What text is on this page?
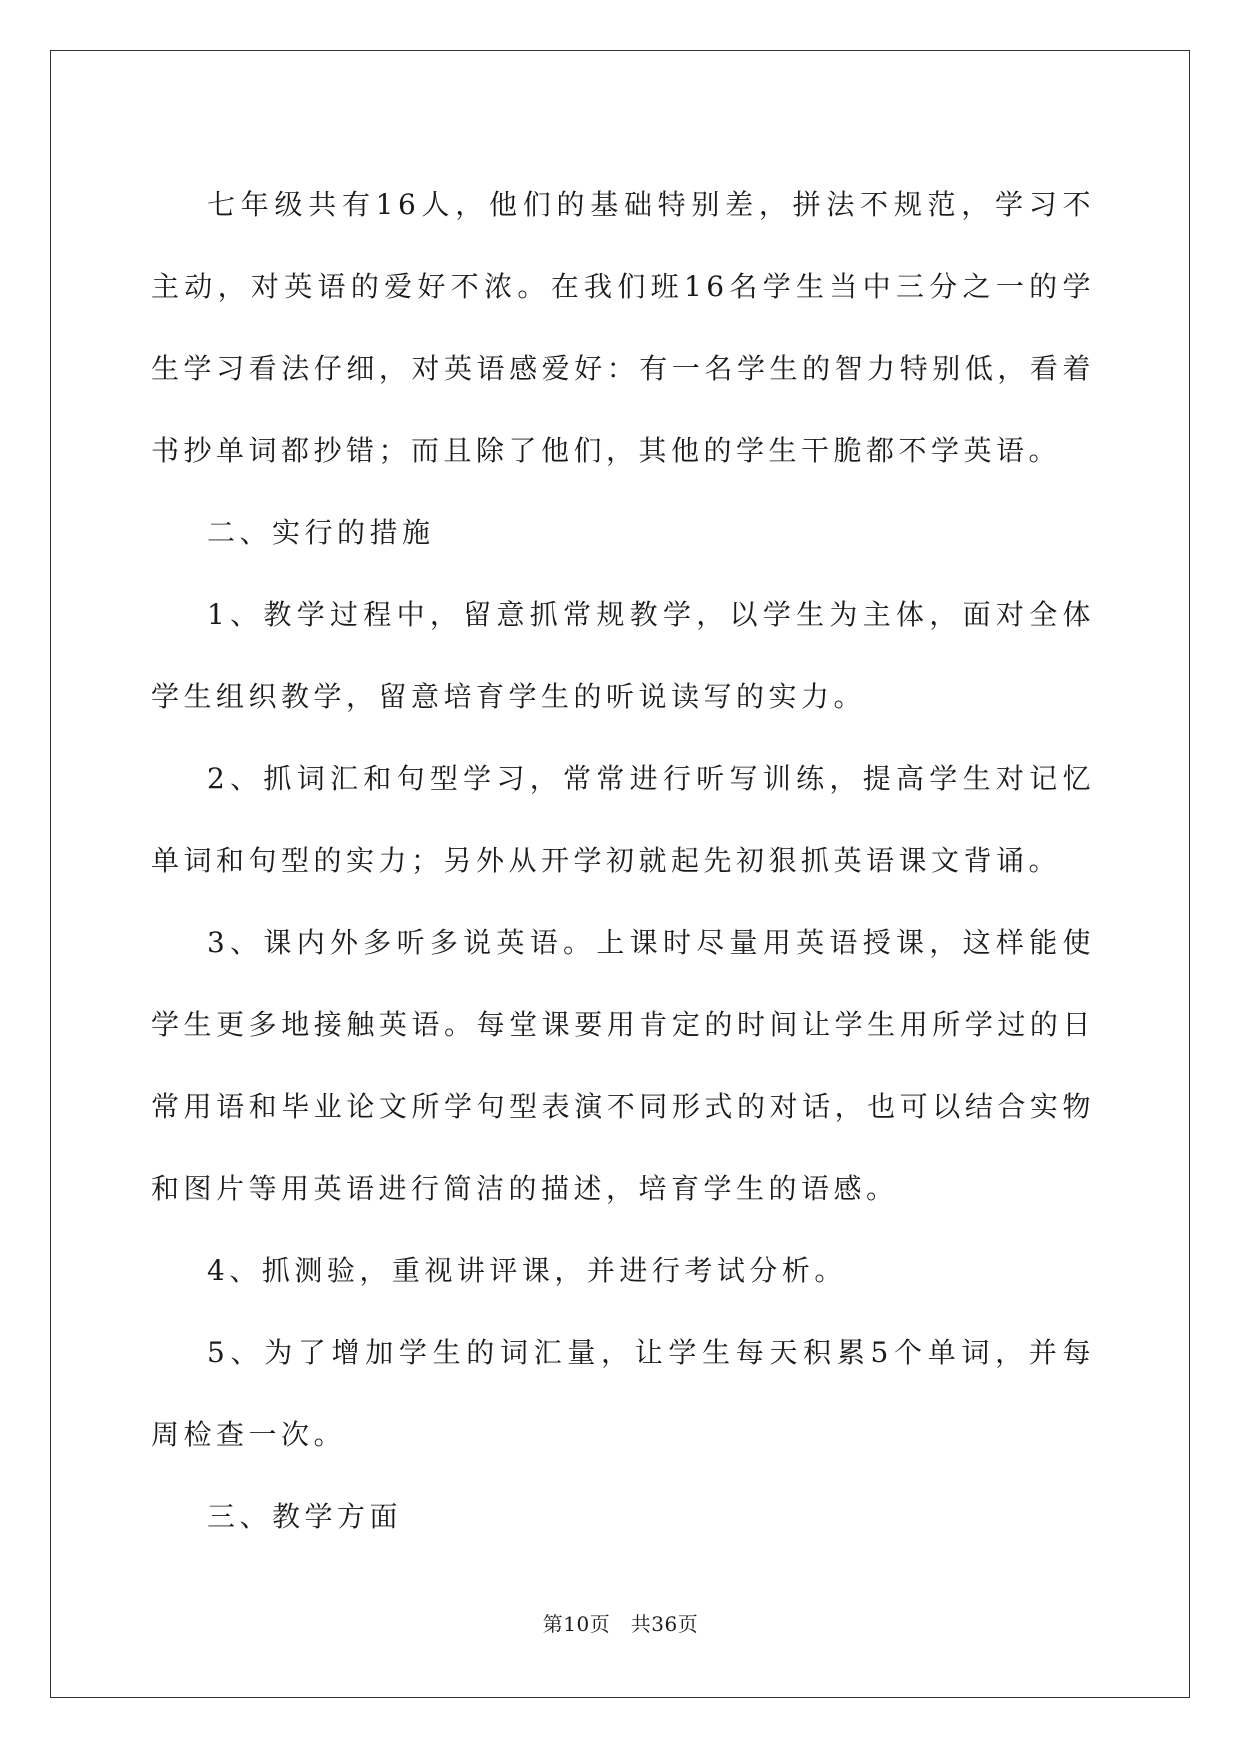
七年级共有16人，他们的基础特别差，拼法不规范，学习不主动，对英语的爱好不浓。在我们班16名学生当中三分之一的学生学习看法仔细，对英语感爱好：有一名学生的智力特别低，看着书抄单词都抄错；而且除了他们，其他的学生干脆都不学英语。

二、实行的措施

1、教学过程中，留意抓常规教学，以学生为主体，面对全体学生组织教学，留意培育学生的听说读写的实力。

2、抓词汇和句型学习，常常进行听写训练，提高学生对记忆单词和句型的实力；另外从开学初就起先初狠抓英语课文背诵。

3、课内外多听多说英语。上课时尽量用英语授课，这样能使学生更多地接触英语。每堂课要用肯定的时间让学生用所学过的日常用语和毕业论文所学句型表演不同形式的对话，也可以结合实物和图片等用英语进行简洁的描述，培育学生的语感。

4、抓测验，重视讲评课，并进行考试分析。

5、为了增加学生的词汇量，让学生每天积累5个单词，并每周检查一次。

三、教学方面

第10页 共36页
